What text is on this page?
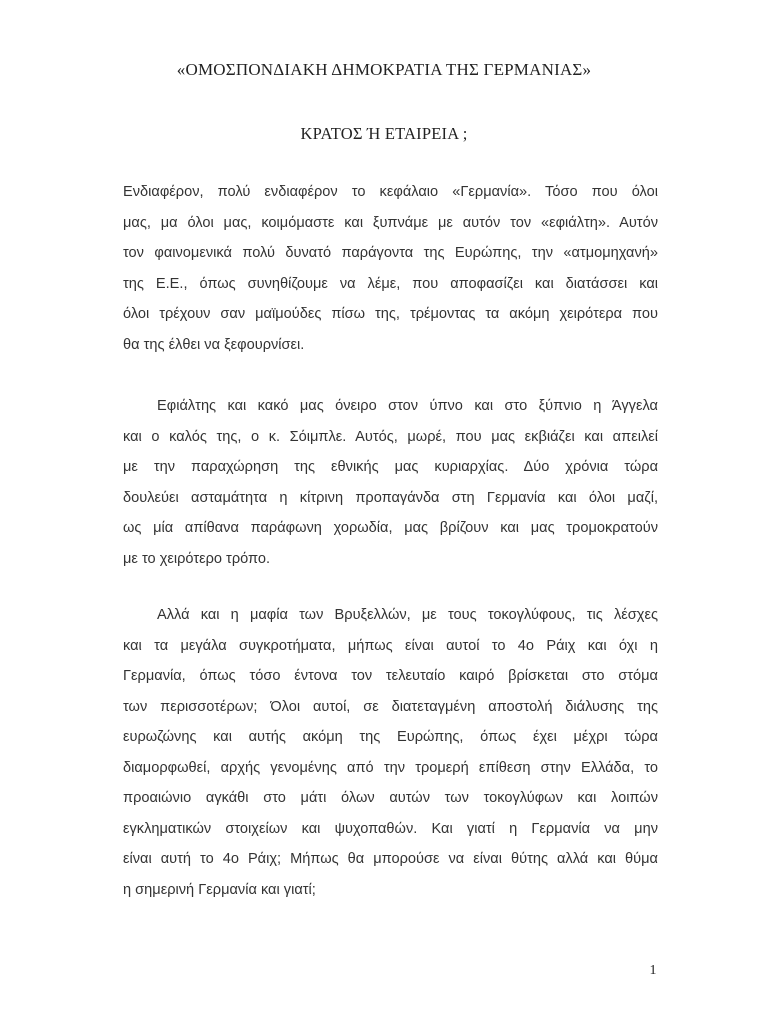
«ΟΜΟΣΠΟΝΔΙΑΚΗ ΔΗΜΟΚΡΑΤΙΑ ΤΗΣ ΓΕΡΜΑΝΙΑΣ»
ΚΡΑΤΟΣ Ή ΕΤΑΙΡΕΙΑ ;
Ενδιαφέρον, πολύ ενδιαφέρον το κεφάλαιο «Γερμανία». Τόσο που όλοι
μας, μα όλοι μας, κοιμόμαστε και ξυπνάμε με αυτόν τον «εφιάλτη». Αυτόν
τον φαινομενικά πολύ δυνατό παράγοντα της Ευρώπης, την «ατμομηχανή»
της Ε.Ε., όπως συνηθίζουμε να λέμε, που αποφασίζει και διατάσσει και
όλοι τρέχουν σαν μαϊμούδες πίσω της, τρέμοντας τα ακόμη χειρότερα που
θα της έλθει να ξεφουρνίσει.
Εφιάλτης και κακό μας όνειρο στον ύπνο και στο ξύπνιο η Άγγελα
και ο καλός της, ο κ. Σόιμπλε. Αυτός, μωρέ, που μας εκβιάζει και απειλεί
με την παραχώρηση της εθνικής μας κυριαρχίας. Δύο χρόνια τώρα
δουλεύει ασταμάτητα η κίτρινη προπαγάνδα στη Γερμανία και όλοι μαζί,
ως μία απίθανα παράφωνη χορωδία, μας βρίζουν και μας τρομοκρατούν
με το χειρότερο τρόπο.
Αλλά και η μαφία των Βρυξελλών, με τους τοκογλύφους, τις λέσχες
και τα μεγάλα συγκροτήματα, μήπως είναι αυτοί το 4ο Ράιχ και όχι η
Γερμανία, όπως τόσο έντονα τον τελευταίο καιρό βρίσκεται στο στόμα
των περισσοτέρων; Όλοι αυτοί, σε διατεταγμένη αποστολή διάλυσης της
ευρωζώνης και αυτής ακόμη της Ευρώπης, όπως έχει μέχρι τώρα
διαμορφωθεί, αρχής γενομένης από την τρομερή επίθεση στην Ελλάδα, το
προαιώνιο αγκάθι στο μάτι όλων αυτών των τοκογλύφων και λοιπών
εγκληματικών στοιχείων και ψυχοπαθών. Και γιατί η Γερμανία να μην
είναι αυτή το 4ο Ράιχ; Μήπως θα μπορούσε να είναι θύτης αλλά και θύμα
η σημερινή Γερμανία και γιατί;
1
